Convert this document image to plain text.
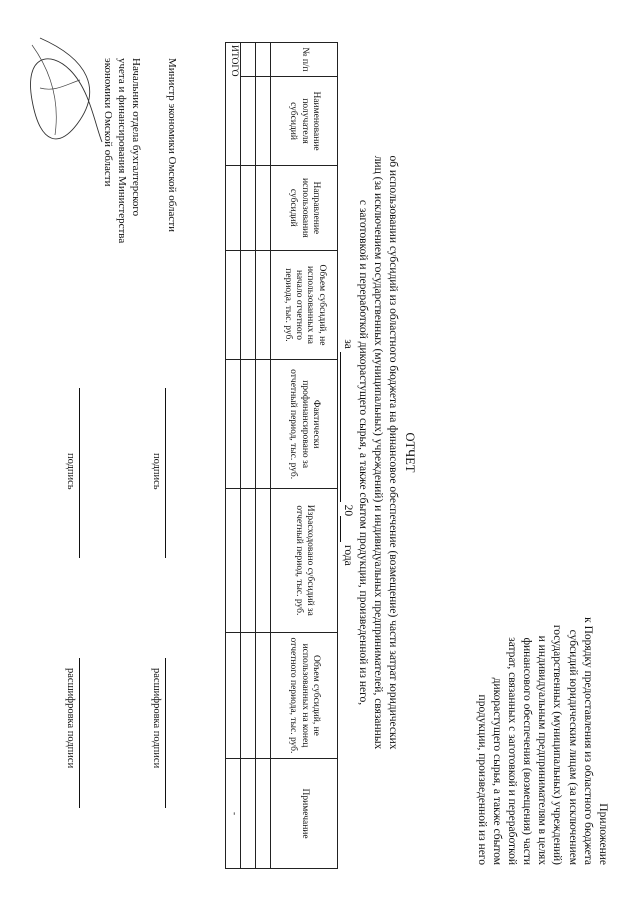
Приложение
к Порядку предоставления из областного бюджета
субсидий юридическим лицам (за исключением
государственных (муниципальных) учреждений)
и индивидуальным предпринимателям в целях
финансового обеспечения (возмещения) части
затрат, связанных с заготовкой и переработкой
дикорастущего сырья, а также сбытом
продукции, произведенной из него
ОТЧЕТ
об использовании субсидий из областного бюджета на финансовое обеспечение (возмещение) части затрат юридических
лиц (за исключением государственных (муниципальных) учреждений) и индивидуальных предпринимателей, связанных
с заготовкой и переработкой дикорастущего сырья, а также сбытом продукции, произведенной из него,
за  20 года
№ п/п	Наименование получателя субсидий	Направление использования субсидий	Объем субсидий, не использованных на начало отчетного периода, тыс. руб.	Фактически профинансировано за отчетный период, тыс. руб.	Израсходовано субсидий за отчетный период, тыс. руб.	Объем субсидий, не использованных на конец отчетного периода, тыс. руб.	Примечание

ИТОГО							-
Министр экономики Омской области
подпись
расшифровка подписи
Начальник отдела бухгалтерского
учета и финансирования Министерства
экономики Омской области
подпись
расшифровка подписи
